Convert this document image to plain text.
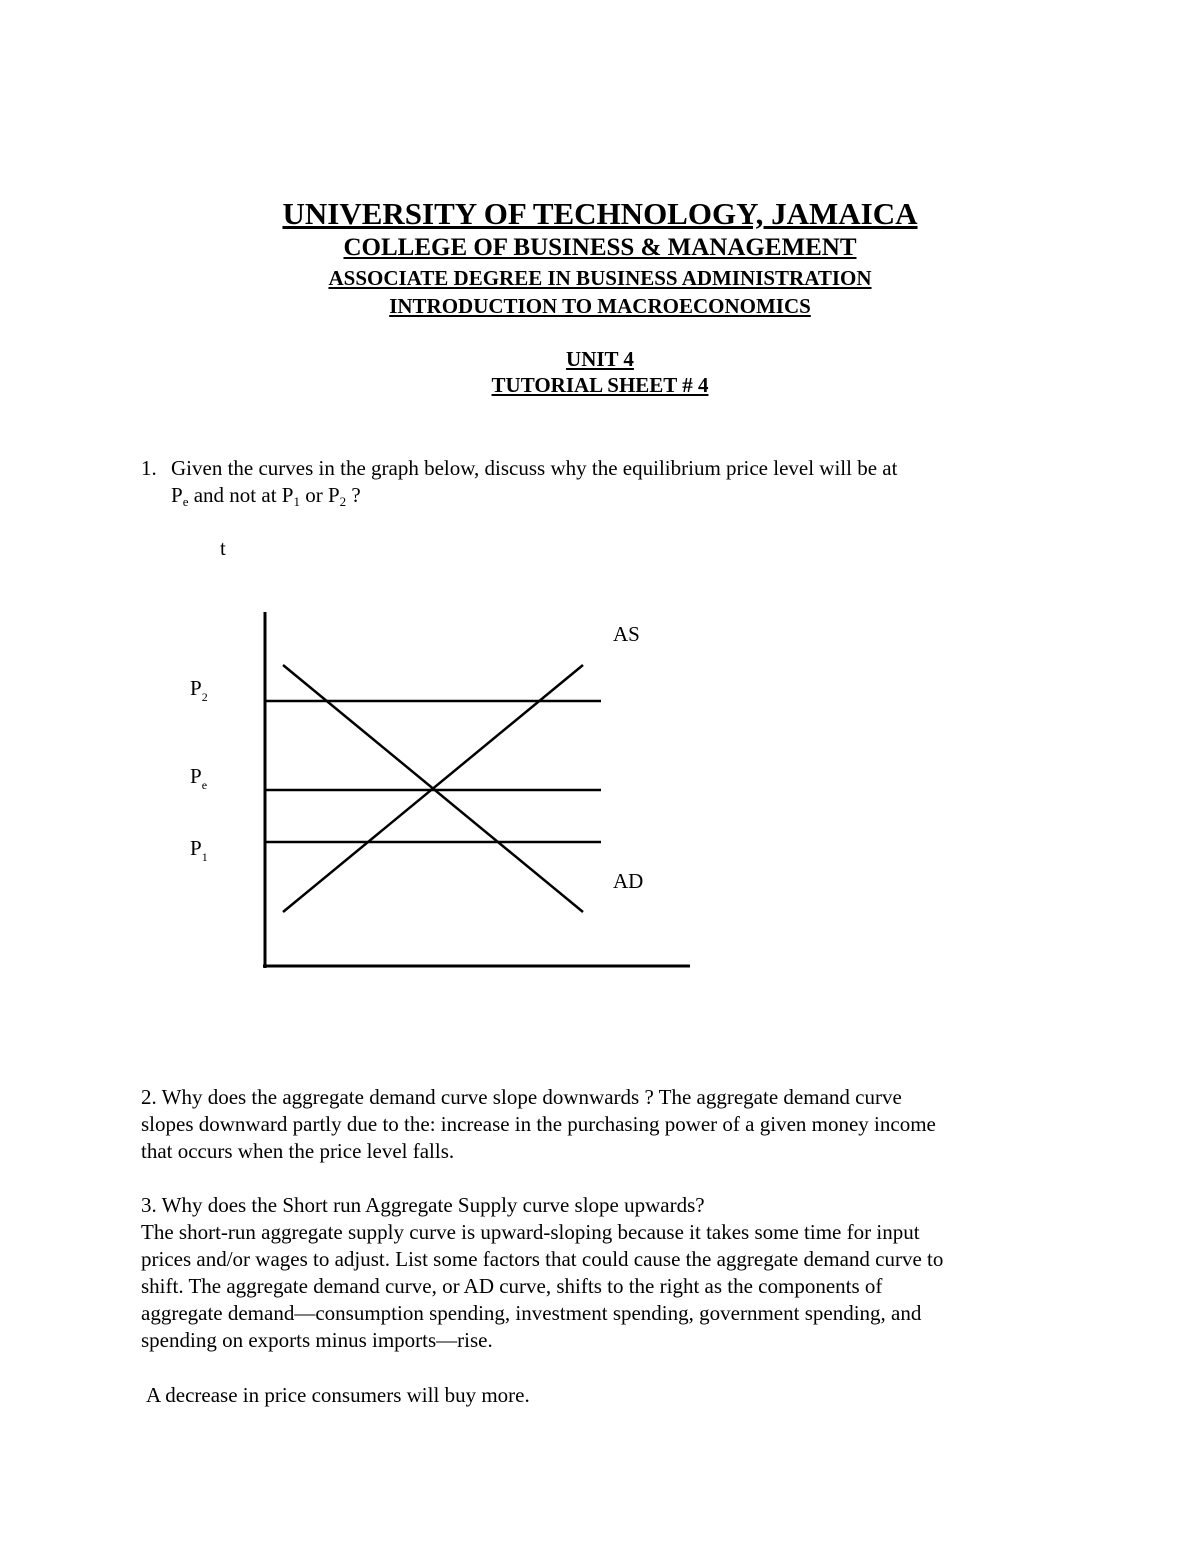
UNIVERSITY OF TECHNOLOGY, JAMAICA

COLLEGE OF BUSINESS & MANAGEMENT

ASSOCIATE DEGREE IN BUSINESS ADMINISTRATION

INTRODUCTION TO MACROECONOMICS

UNIT 4

TUTORIAL SHEET # 4

1. Given the curves in the graph below, discuss why the equilibrium price level will be at
$P_e$ and not at $P_1$ or $P_2$ ?
t
AS
AD
$P_2$
$P_e$
$P_1$
2. Why does the aggregate demand curve slope downwards ? The aggregate demand curve
slopes downward partly due to the: increase in the purchasing power of a given money income
that occurs when the price level falls.
3. Why does the Short run Aggregate Supply curve slope upwards?
The short-run aggregate supply curve is upward-sloping because it takes some time for input
prices and/or wages to adjust. List some factors that could cause the aggregate demand curve to
shift. The aggregate demand curve, or AD curve, shifts to the right as the components of
aggregate demand—consumption spending, investment spending, government spending, and
spending on exports minus imports—rise.
A decrease in price consumers will buy more.
